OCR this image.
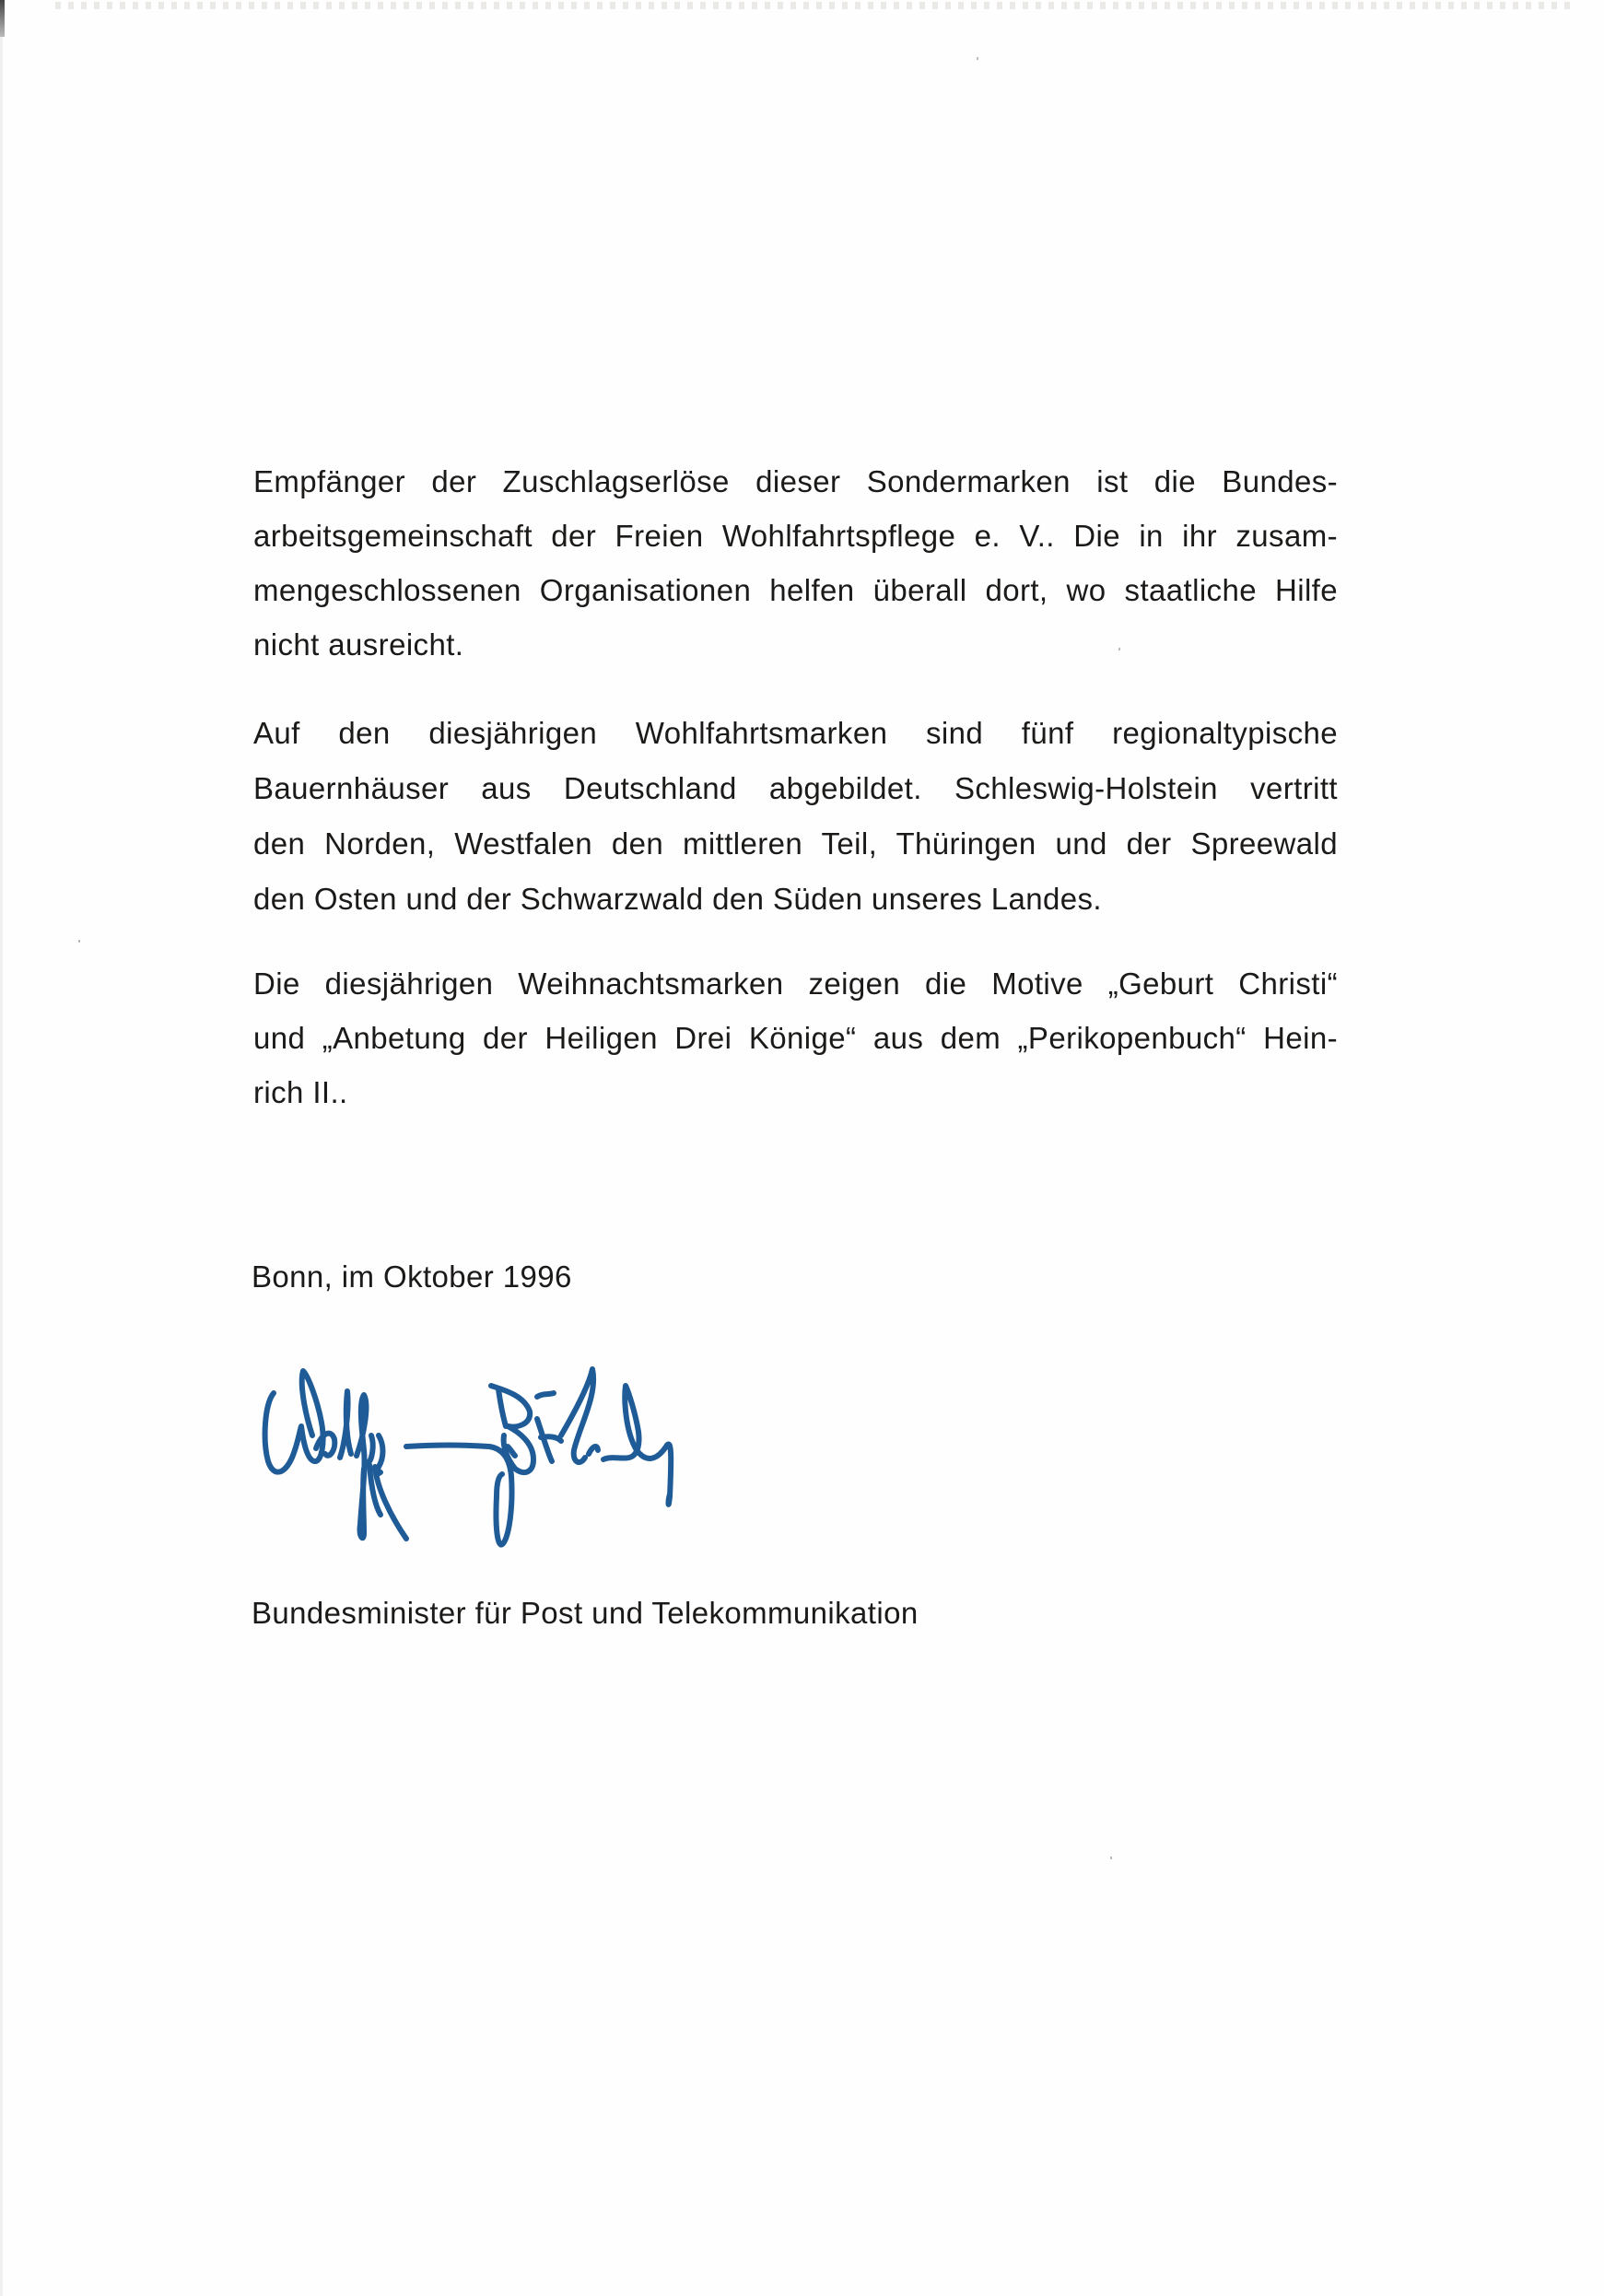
Empfänger der Zuschlagserlöse dieser Sondermarken ist die Bundes-
arbeitsgemeinschaft der Freien Wohlfahrtspflege e. V.. Die in ihr zusam-
mengeschlossenen Organisationen helfen überall dort, wo staatliche Hilfe
nicht ausreicht.
Auf den diesjährigen Wohlfahrtsmarken sind fünf regionaltypische
Bauernhäuser aus Deutschland abgebildet. Schleswig-Holstein vertritt
den Norden, Westfalen den mittleren Teil, Thüringen und der Spreewald
den Osten und der Schwarzwald den Süden unseres Landes.
Die diesjährigen Weihnachtsmarken zeigen die Motive „Geburt Christi“
und „Anbetung der Heiligen Drei Könige“ aus dem „Perikopenbuch“ Hein-
rich II..
Bonn, im Oktober 1996
Bundesminister für Post und Telekommunikation
